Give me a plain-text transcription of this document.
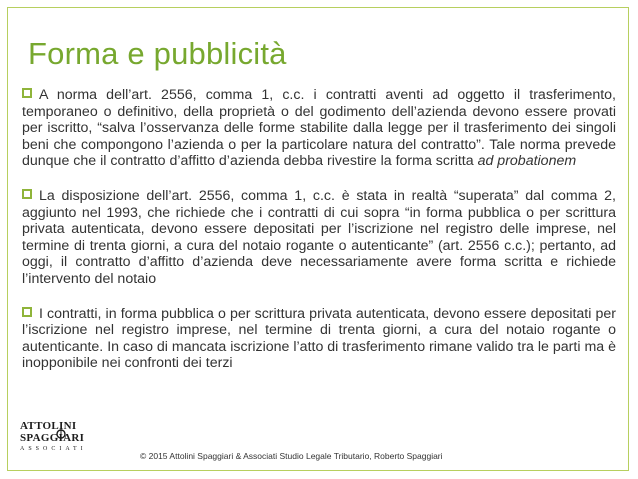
Forma e pubblicità

A norma dell’art. 2556, comma 1, c.c. i contratti aventi ad oggetto il trasferimento, temporaneo o definitivo, della proprietà o del godimento dell’azienda devono essere provati per iscritto, “salva l’osservanza delle forme stabilite dalla legge per il trasferimento dei singoli beni che compongono l’azienda o per la particolare natura del contratto”. Tale norma prevede dunque che il contratto d’affitto d’azienda debba rivestire la forma scritta ad probationem

La disposizione dell’art. 2556, comma 1, c.c. è stata in realtà “superata” dal comma 2, aggiunto nel 1993, che richiede che i contratti di cui sopra “in forma pubblica o per scrittura privata autenticata, devono essere depositati per l’iscrizione nel registro delle imprese, nel termine di trenta giorni, a cura del notaio rogante o autenticante” (art. 2556 c.c.); pertanto, ad oggi, il contratto d’affitto d’azienda deve necessariamente avere forma scritta e richiede l’intervento del notaio

I contratti, in forma pubblica o per scrittura privata autenticata, devono essere depositati per l’iscrizione nel registro imprese, nel termine di trenta giorni, a cura del notaio rogante o autenticante. In caso di mancata iscrizione l’atto di trasferimento rimane valido tra le parti ma è inopponibile nei confronti dei terzi

ATTOLINI
SPAGGIARI
ASSOCIATI
© 2015 Attolini Spaggiari & Associati Studio Legale Tributario, Roberto Spaggiari
